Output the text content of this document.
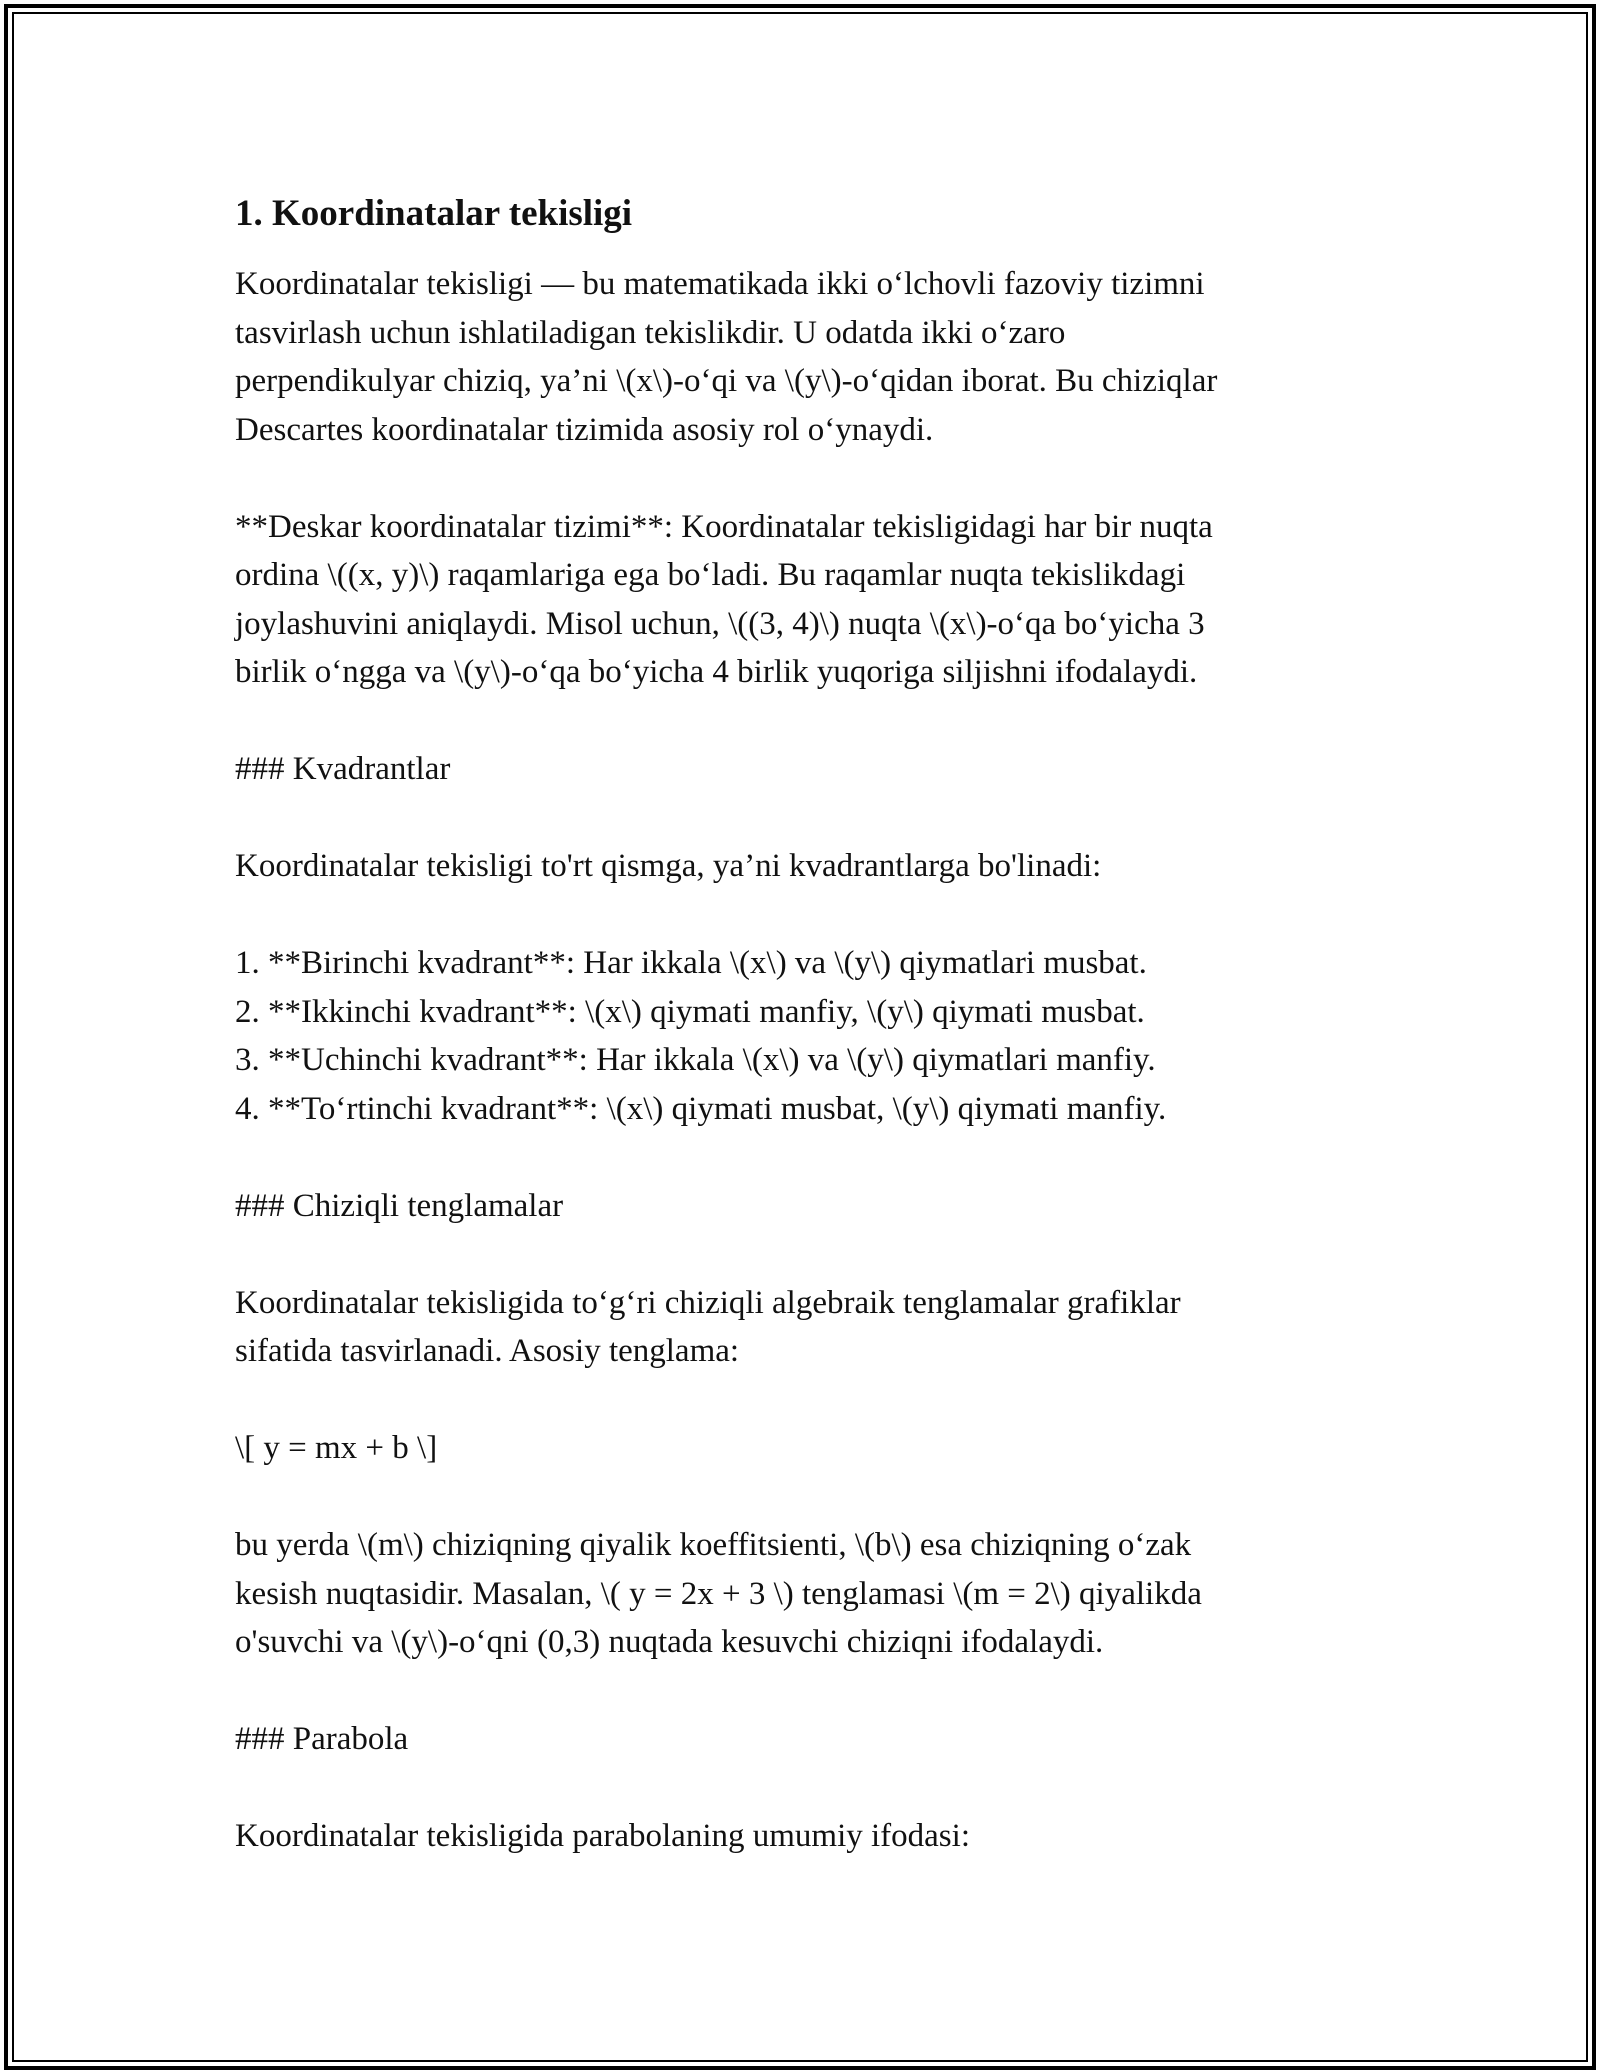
1. Koordinatalar tekisligi

Koordinatalar tekisligi — bu matematikada ikki o‘lchovli fazoviy tizimni
tasvirlash uchun ishlatiladigan tekislikdir. U odatda ikki o‘zaro
perpendikulyar chiziq, ya’ni \(x\)-o‘qi va \(y\)-o‘qidan iborat. Bu chiziqlar
Descartes koordinatalar tizimida asosiy rol o‘ynaydi.

**Deskar koordinatalar tizimi**: Koordinatalar tekisligidagi har bir nuqta
ordina \((x, y)\) raqamlariga ega bo‘ladi. Bu raqamlar nuqta tekislikdagi
joylashuvini aniqlaydi. Misol uchun, \((3, 4)\) nuqta \(x\)-o‘qa bo‘yicha 3
birlik o‘ngga va \(y\)-o‘qa bo‘yicha 4 birlik yuqoriga siljishni ifodalaydi.

### Kvadrantlar

Koordinatalar tekisligi to'rt qismga, ya’ni kvadrantlarga bo'linadi:

1. **Birinchi kvadrant**: Har ikkala \(x\) va \(y\) qiymatlari musbat.

2. **Ikkinchi kvadrant**: \(x\) qiymati manfiy, \(y\) qiymati musbat.

3. **Uchinchi kvadrant**: Har ikkala \(x\) va \(y\) qiymatlari manfiy.

4. **To‘rtinchi kvadrant**: \(x\) qiymati musbat, \(y\) qiymati manfiy.

### Chiziqli tenglamalar

Koordinatalar tekisligida to‘g‘ri chiziqli algebraik tenglamalar grafiklar
sifatida tasvirlanadi. Asosiy tenglama:

\[ y = mx + b \]

bu yerda \(m\) chiziqning qiyalik koeffitsienti, \(b\) esa chiziqning o‘zak
kesish nuqtasidir. Masalan, \( y = 2x + 3 \) tenglamasi \(m = 2\) qiyalikda
o'suvchi va \(y\)-o‘qni (0,3) nuqtada kesuvchi chiziqni ifodalaydi.

### Parabola

Koordinatalar tekisligida parabolaning umumiy ifodasi:
